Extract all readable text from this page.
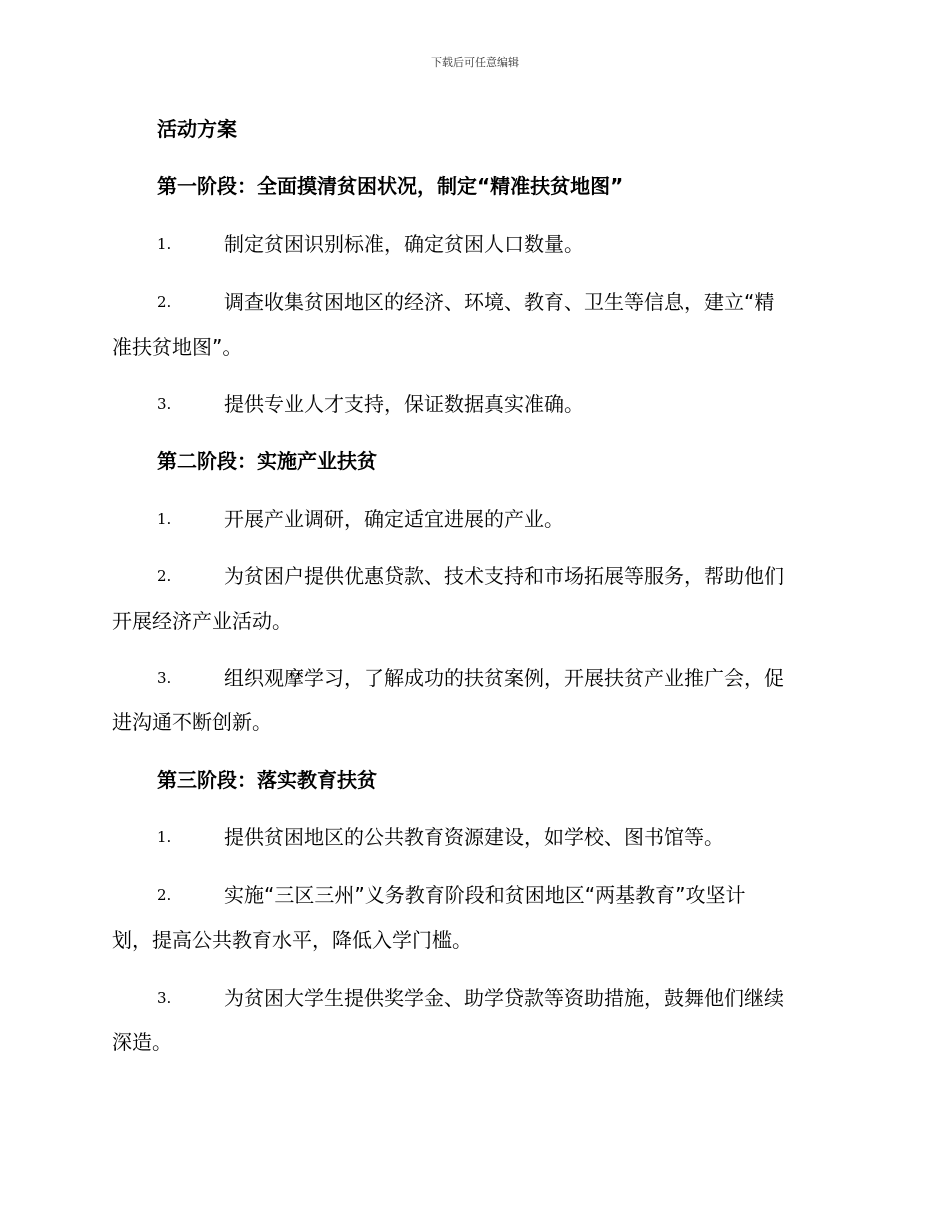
下载后可任意编辑
活动方案
第一阶段：全面摸清贫困状况，制定“精准扶贫地图”
1.	制定贫困识别标准，确定贫困人口数量。
2.	调查收集贫困地区的经济、环境、教育、卫生等信息，建立“精
准扶贫地图”。
3.	提供专业人才支持，保证数据真实准确。
第二阶段：实施产业扶贫
1.	开展产业调研，确定适宜进展的产业。
2.	为贫困户提供优惠贷款、技术支持和市场拓展等服务，帮助他们
开展经济产业活动。
3.	组织观摩学习，了解成功的扶贫案例，开展扶贫产业推广会，促
进沟通不断创新。
第三阶段：落实教育扶贫
1.	提供贫困地区的公共教育资源建设，如学校、图书馆等。
2.	实施“三区三州”义务教育阶段和贫困地区“两基教育”攻坚计
划，提高公共教育水平，降低入学门槛。
3.	为贫困大学生提供奖学金、助学贷款等资助措施，鼓舞他们继续
深造。
